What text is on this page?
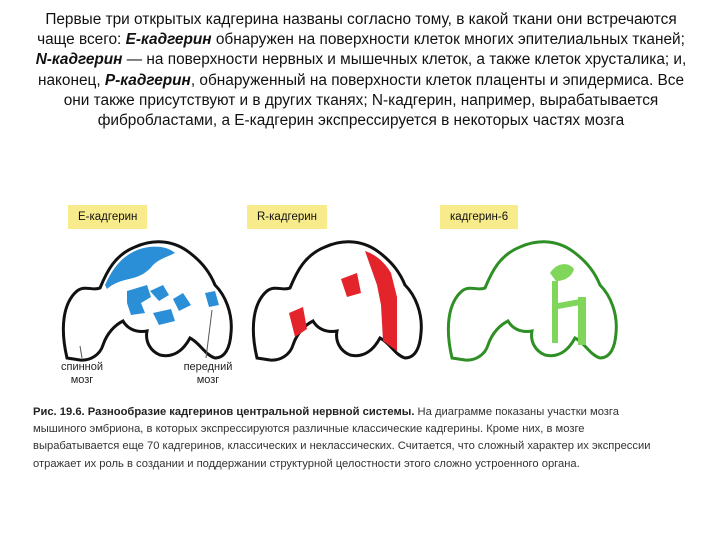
Первые три открытых кадгерина названы согласно тому, в какой ткани они встречаются чаще всего: Е-кадгерин обнаружен на поверхности клеток многих эпителиальных тканей; N-кадгерин — на поверхности нервных и мышечных клеток, а также клеток хрусталика; и, наконец, Р-кадгерин, обнаруженный на поверхности клеток плаценты и эпидермиса. Все они также присутствуют и в других тканях; N-кадгерин, например, вырабатывается фибробластами, а Е-кадгерин экспрессируется в некоторых частях мозга
Е-кадгерин	R-кадгерин	кадгерин-6
спинной
мозг
передний
мозг
Рис. 19.6. Разнообразие кадгеринов центральной нервной системы. На диаграмме показаны участки мозга мышиного эмбриона, в которых экспрессируются различные классические кадгерины. Кроме них, в мозге вырабатывается еще 70 кадгеринов, классических и неклассических. Считается, что сложный характер их экспрессии отражает их роль в создании и поддержании структурной целостности этого сложно устроенного органа.
